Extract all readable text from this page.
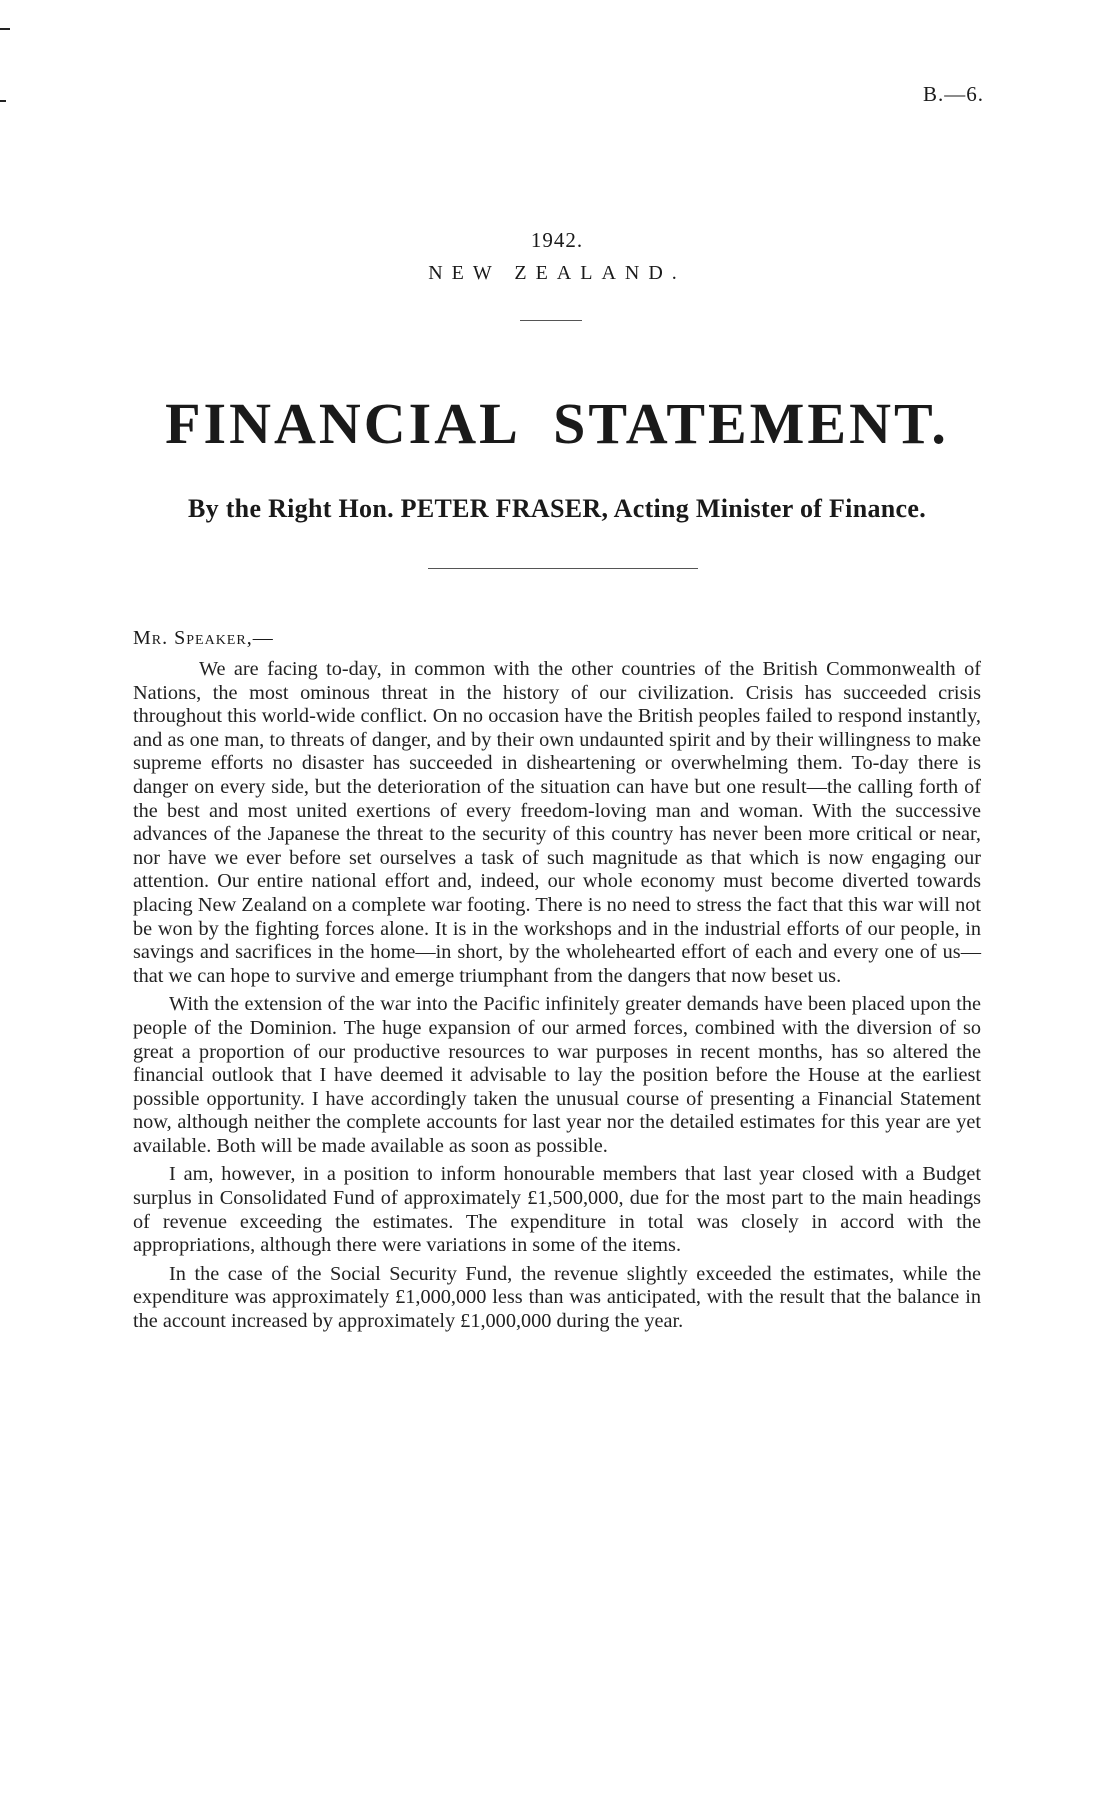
B.—6.
1942.
NEW ZEALAND.
FINANCIAL STATEMENT.
By the Right Hon. PETER FRASER, Acting Minister of Finance.
Mr. Speaker,—

We are facing to-day, in common with the other countries of the British Commonwealth of Nations, the most ominous threat in the history of our civilization. Crisis has succeeded crisis throughout this world-wide conflict. On no occasion have the British peoples failed to respond instantly, and as one man, to threats of danger, and by their own undaunted spirit and by their willingness to make supreme efforts no disaster has succeeded in disheartening or overwhelming them. To-day there is danger on every side, but the deterioration of the situation can have but one result—the calling forth of the best and most united exertions of every freedom-loving man and woman. With the successive advances of the Japanese the threat to the security of this country has never been more critical or near, nor have we ever before set ourselves a task of such magnitude as that which is now engaging our attention. Our entire national effort and, indeed, our whole economy must become diverted towards placing New Zealand on a complete war footing. There is no need to stress the fact that this war will not be won by the fighting forces alone. It is in the workshops and in the industrial efforts of our people, in savings and sacrifices in the home—in short, by the wholehearted effort of each and every one of us—that we can hope to survive and emerge triumphant from the dangers that now beset us.

With the extension of the war into the Pacific infinitely greater demands have been placed upon the people of the Dominion. The huge expansion of our armed forces, combined with the diversion of so great a proportion of our productive resources to war purposes in recent months, has so altered the financial outlook that I have deemed it advisable to lay the position before the House at the earliest possible opportunity. I have accordingly taken the unusual course of presenting a Financial Statement now, although neither the complete accounts for last year nor the detailed estimates for this year are yet available. Both will be made available as soon as possible.

I am, however, in a position to inform honourable members that last year closed with a Budget surplus in Consolidated Fund of approximately £1,500,000, due for the most part to the main headings of revenue exceeding the estimates. The expenditure in total was closely in accord with the appropriations, although there were variations in some of the items.

In the case of the Social Security Fund, the revenue slightly exceeded the estimates, while the expenditure was approximately £1,000,000 less than was anticipated, with the result that the balance in the account increased by approximately £1,000,000 during the year.
